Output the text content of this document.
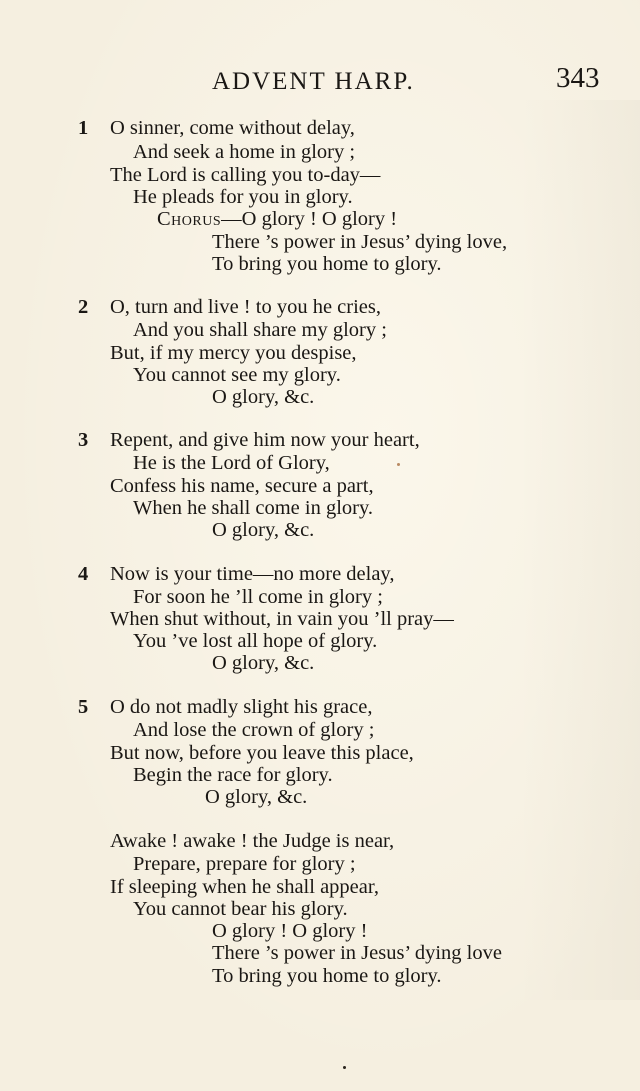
ADVENT HARP.	343
1 O sinner, come without delay,
And seek a home in glory ;
The Lord is calling you to-day—
He pleads for you in glory.
Chorus—O glory ! O glory !
There ’s power in Jesus’ dying love,
To bring you home to glory.
2 O, turn and live ! to you he cries,
And you shall share my glory ;
But, if my mercy you despise,
You cannot see my glory.
O glory, &c.
3 Repent, and give him now your heart,
He is the Lord of Glory,
Confess his name, secure a part,
When he shall come in glory.
O glory, &c.
4 Now is your time—no more delay,
For soon he ’ll come in glory ;
When shut without, in vain you ’ll pray—
You ’ve lost all hope of glory.
O glory, &c.
5 O do not madly slight his grace,
And lose the crown of glory ;
But now, before you leave this place,
Begin the race for glory.
O glory, &c.
Awake ! awake ! the Judge is near,
Prepare, prepare for glory ;
If sleeping when he shall appear,
You cannot bear his glory.
O glory ! O glory !
There ’s power in Jesus’ dying love
To bring you home to glory.
